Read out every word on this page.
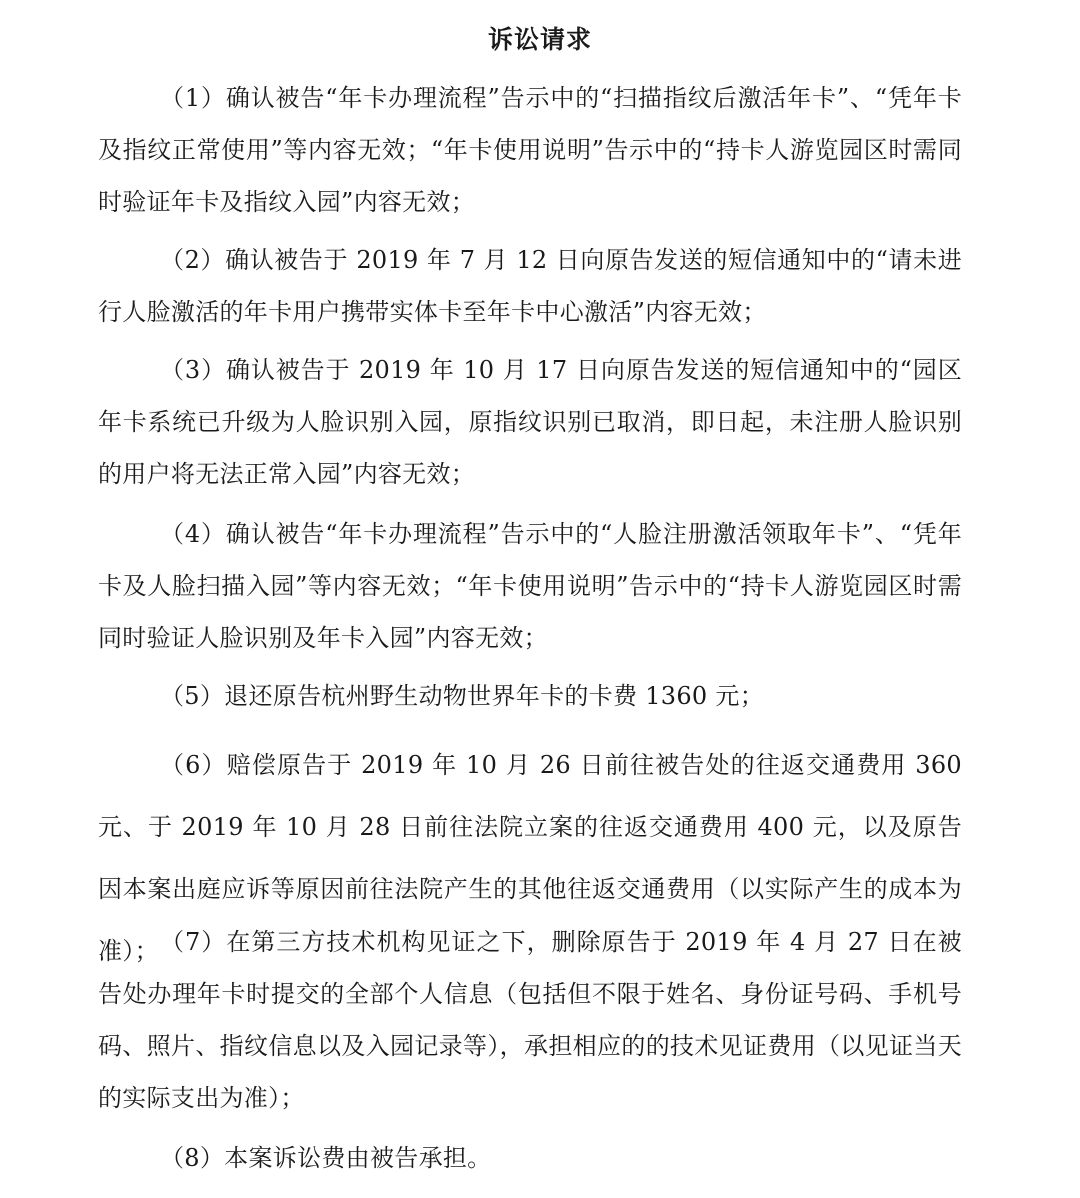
诉讼请求

（1）确认被告“年卡办理流程”告示中的“扫描指纹后激活年卡”、“凭年卡及指纹正常使用”等内容无效；“年卡使用说明”告示中的“持卡人游览园区时需同时验证年卡及指纹入园”内容无效；

（2）确认被告于 2019 年 7 月 12 日向原告发送的短信通知中的“请未进行人脸激活的年卡用户携带实体卡至年卡中心激活”内容无效；

（3）确认被告于 2019 年 10 月 17 日向原告发送的短信通知中的“园区年卡系统已升级为人脸识别入园，原指纹识别已取消，即日起，未注册人脸识别的用户将无法正常入园”内容无效；

（4）确认被告“年卡办理流程”告示中的“人脸注册激活领取年卡”、“凭年卡及人脸扫描入园”等内容无效；“年卡使用说明”告示中的“持卡人游览园区时需同时验证人脸识别及年卡入园”内容无效；

（5）退还原告杭州野生动物世界年卡的卡费 1360 元；

（6）赔偿原告于 2019 年 10 月 26 日前往被告处的往返交通费用 360 元、于 2019 年 10 月 28 日前往法院立案的往返交通费用 400 元，以及原告因本案出庭应诉等原因前往法院产生的其他往返交通费用（以实际产生的成本为准）； （7）在第三方技术机构见证之下，删除原告于 2019 年 4 月 27 日在被告处办理年卡时提交的全部个人信息（包括但不限于姓名、身份证号码、手机号码、照片、指纹信息以及入园记录等），承担相应的的技术见证费用（以见证当天的实际支出为准）；

（8）本案诉讼费由被告承担。
